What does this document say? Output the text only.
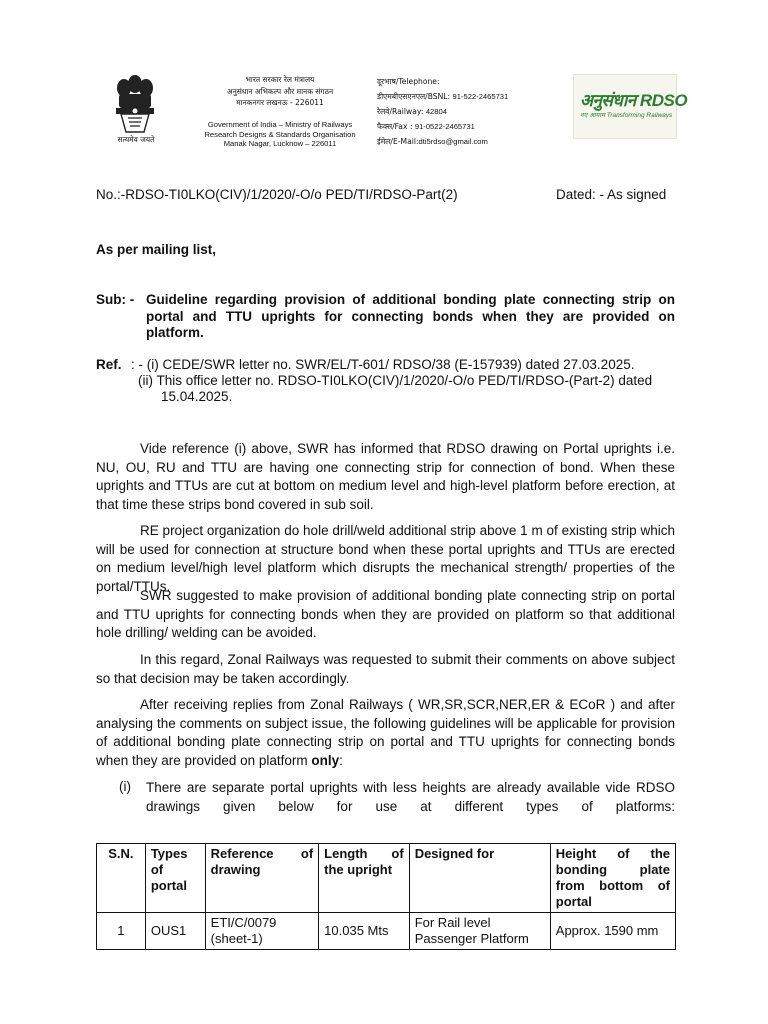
सत्यमेव जयते
भारत सरकार रेल मंत्रालय
अनुसंधान अभिकल्प और मानक संगठन
मानकनगर लखनऊ - 226011
Government of India – Ministry of Railways
Research Designs & Standards Organisation
Manak Nagar, Lucknow – 226011
दूरभाष/Telephone:
डीएमबीएसएनएल/BSNL: 91-522-2465731
रेलवे/Railway: 42804
फैक्स/Fax : 91-0522-2465731
ईमेल/E-Mail:dti5rdso@gmail.com
अनुसंधान RDSO
नए आयाम Transforming Railways
No.:-RDSO-TI0LKO(CIV)/1/2020/-O/o PED/TI/RDSO-Part(2)	Dated: - As signed
As per mailing list,
Sub: - Guideline regarding provision of additional bonding plate connecting strip on portal and TTU uprights for connecting bonds when they are provided on platform.
Ref. : - (i) CEDE/SWR letter no. SWR/EL/T-601/ RDSO/38 (E-157939) dated 27.03.2025.
(ii) This office letter no. RDSO-TI0LKO(CIV)/1/2020/-O/o PED/TI/RDSO-(Part-2) dated
15.04.2025.

Vide reference (i) above, SWR has informed that RDSO drawing on Portal uprights i.e. NU, OU, RU and TTU are having one connecting strip for connection of bond. When these uprights and TTUs are cut at bottom on medium level and high-level platform before erection, at that time these strips bond covered in sub soil.

RE project organization do hole drill/weld additional strip above 1 m of existing strip which will be used for connection at structure bond when these portal uprights and TTUs are erected on medium level/high level platform which disrupts the mechanical strength/ properties of the portal/TTUs.

SWR suggested to make provision of additional bonding plate connecting strip on portal and TTU uprights for connecting bonds when they are provided on platform so that additional hole drilling/ welding can be avoided.

In this regard, Zonal Railways was requested to submit their comments on above subject so that decision may be taken accordingly.

After receiving replies from Zonal Railways ( WR,SR,SCR,NER,ER & ECoR ) and after analysing the comments on subject issue, the following guidelines will be applicable for provision of additional bonding plate connecting strip on portal and TTU uprights for connecting bonds when they are provided on platform only:

(i) There are separate portal uprights with less heights are already available vide RDSO drawings given below for use at different types of platforms:
S.N.	Types of portal	Reference of drawing	Length of the upright	Designed for	Height of the bonding plate from bottom of portal
1	OUS1	ETI/C/0079 (sheet-1)	10.035 Mts	For Rail level Passenger Platform	Approx. 1590 mm
